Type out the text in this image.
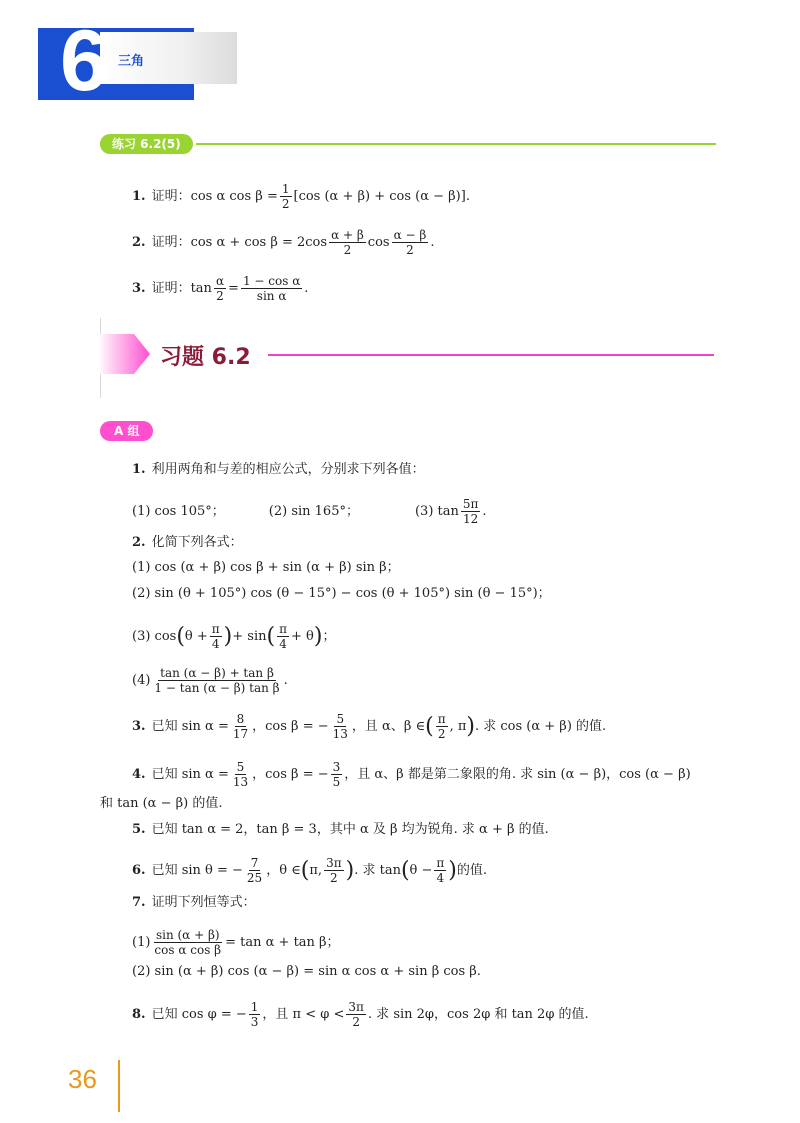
6 三角
练习 6.2(5)
1. 证明：cos α $\cos \beta = \frac{1}{2} [\cos$ (α + β) + cos (α − β)].
2. 证明：$\cos \alpha + \cos \beta = 2\cos \frac{\alpha + \beta}{2}$ $\cos \frac{\alpha - \beta}{2}$ .
3. 证明：$\tan \frac{\alpha}{2} = \frac{\text{1 − cos α}}{\text{sin α}}$ .
习题 6.2
A 组
1. 利用两角和与差的相应公式，分别求下列各值：
(1) cos 105°；	(2) sin 165°；	(3) $\tan \frac{5\pi}{12}$ .
2. 化简下列各式：
(1) cos (α + β) cos β + sin (α + β) sin β；
(2) sin (θ + 105°) cos (θ − 15°) − cos (θ + 105°) sin (θ − 15°)；
(3) cos ( $\theta + \frac{\pi}{4}$ ) + sin ( $\frac{\pi}{4} + \theta$ ) ；
$(4) \frac{\text{tan (α − β) + tan β}}{\text{1 − tan (α − β) tan β}}$ .
3. 已知 $\sin \alpha = \frac{8}{17}$ ，cos β = − $\frac{5}{13}$ ，且 α、β ∈ ( $\frac{\pi}{2}$ , π ) . 求 cos (α + β) 的值.
4. 已知 $\sin \alpha = \frac{5}{13}$ ，cos β = − $\frac{3}{5}$ ，且 α、β 都是第二象限的角. 求 sin (α − β)，cos (α − β)
和 tan (α − β) 的值.
5. 已知 tan α = 2，tan β = 3，其中 α 及 β 均为锐角. 求 α + β 的值.
6. 已知 sin θ = − $\frac{7}{25}$ ，θ ∈ ( π, $\frac{3\pi}{2}$ ) . 求 tan ( $\theta - \frac{\pi}{4}$ ) 的值.
7. 证明下列恒等式：
$(1) \frac{\sin (\alpha + \beta)}{\text{cos α cos β}} = \tan \alpha + \tan \beta$；
(2) sin (α + β) cos (α − β) = sin α cos α + sin β cos β.
8. 已知 cos φ = − $\frac{1}{3}$ ，且 $\pi < \varphi < \frac{3\pi}{2}$ . 求 sin 2φ，cos 2φ 和 tan 2φ 的值.
36
